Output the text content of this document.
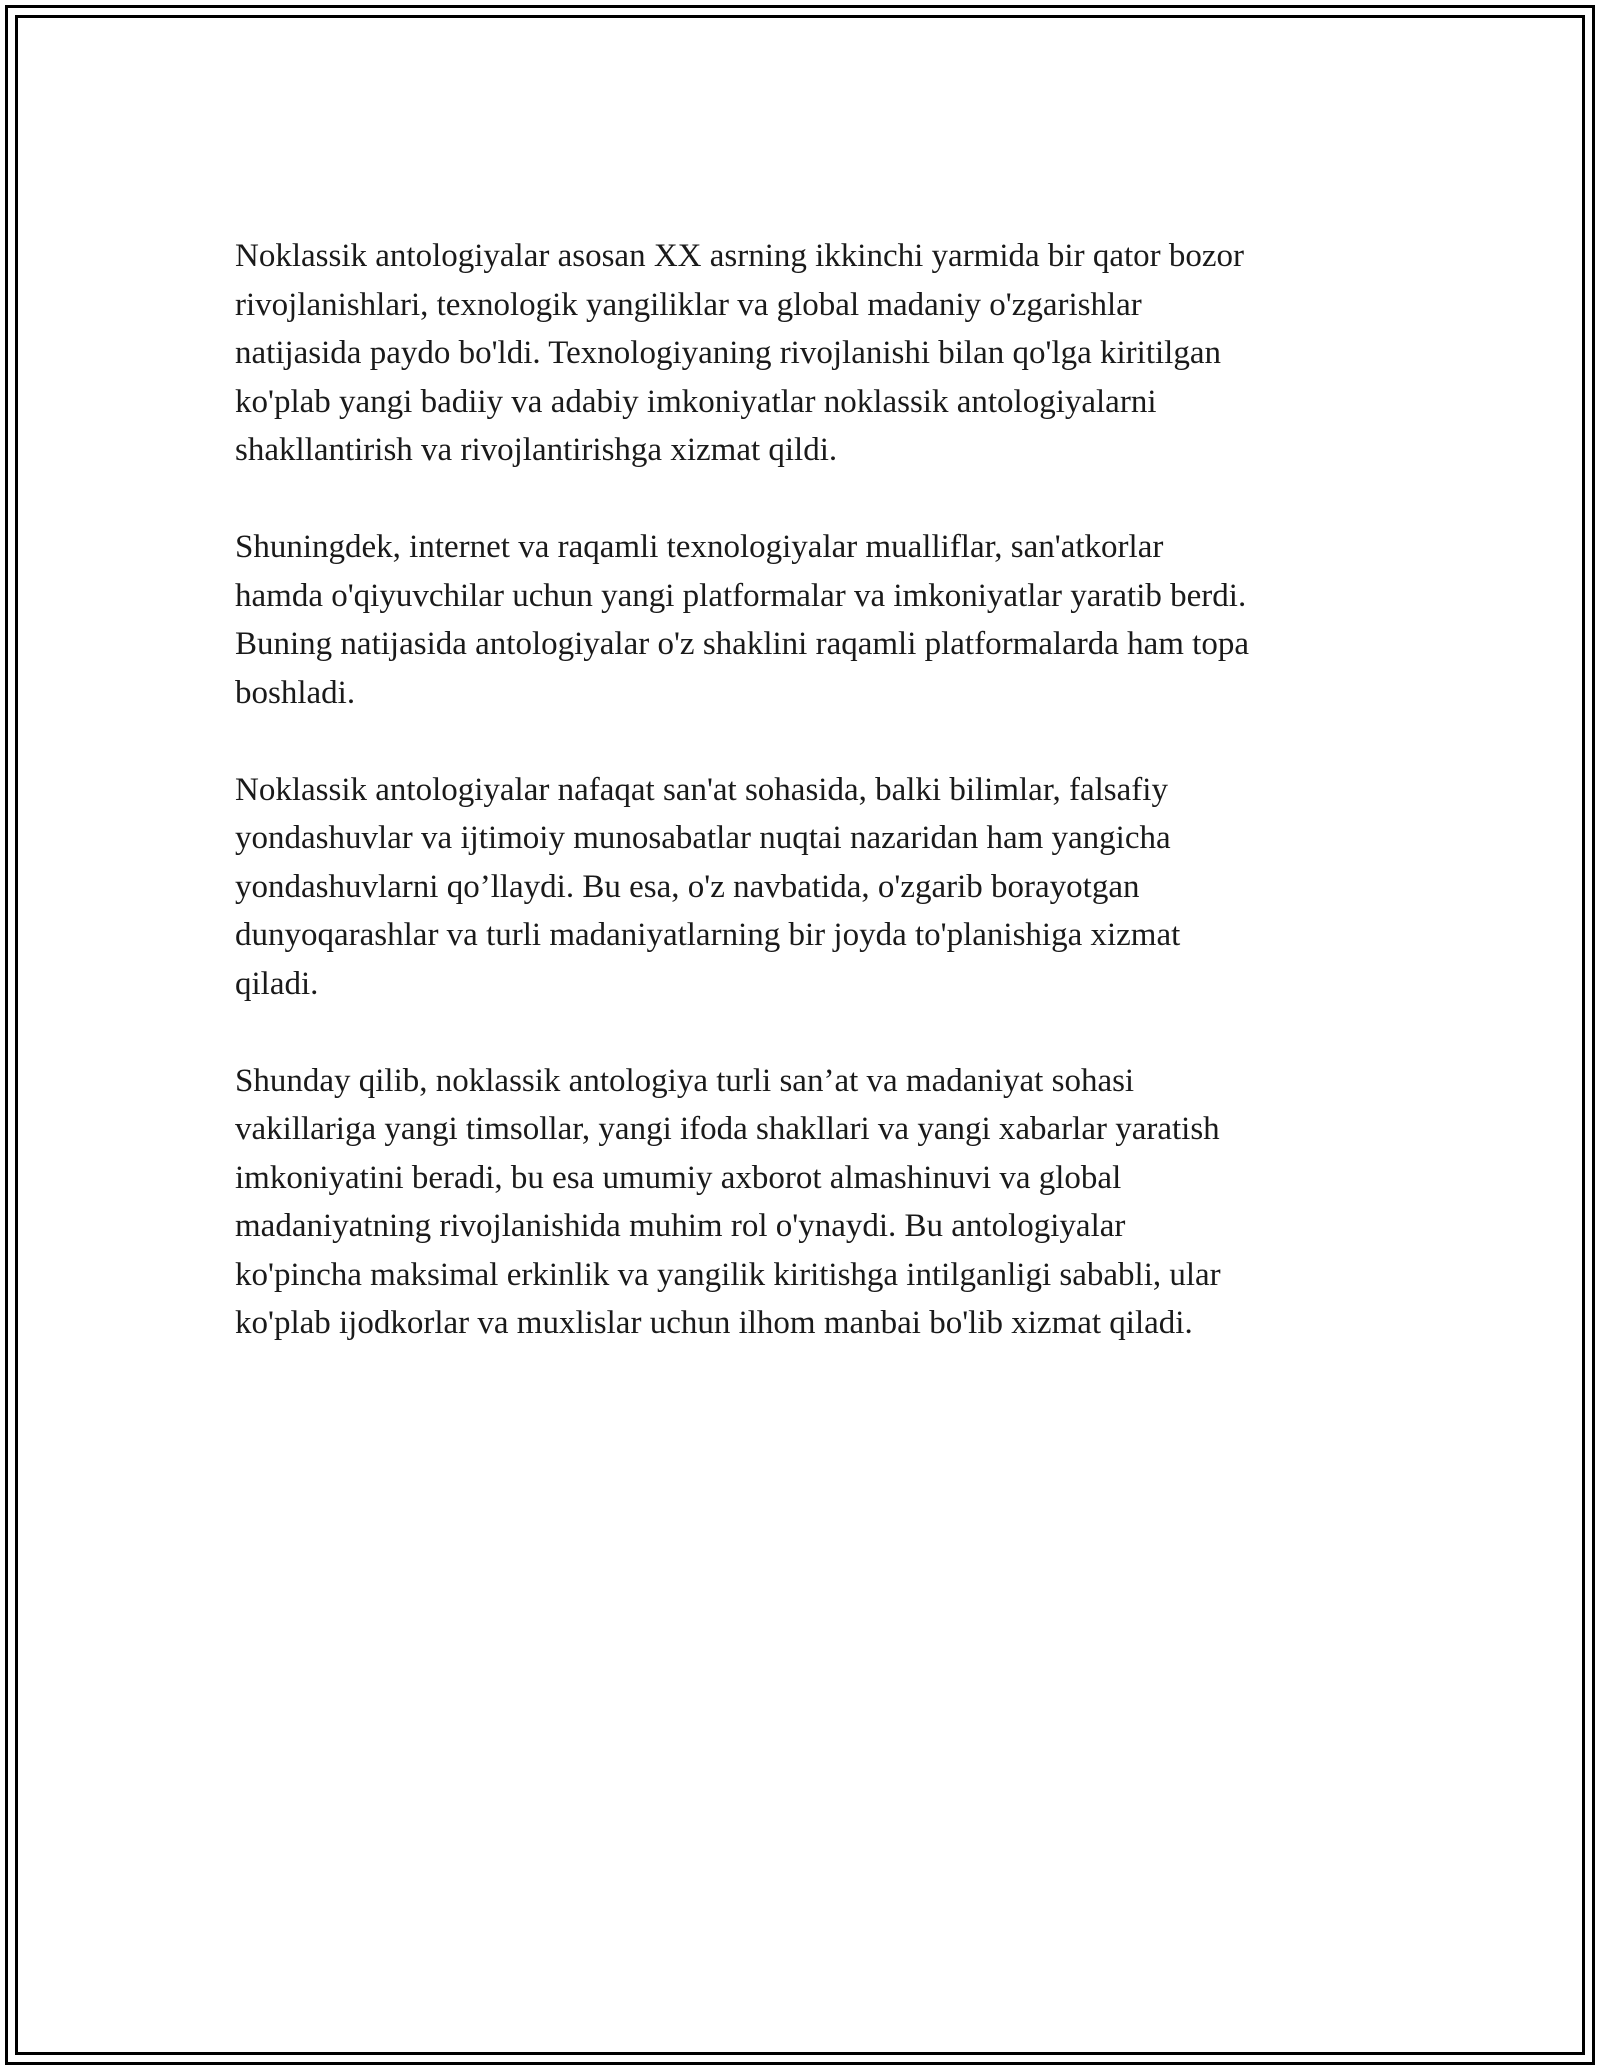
Noklassik antologiyalar asosan XX asrning ikkinchi yarmida bir qator bozor
rivojlanishlari, texnologik yangiliklar va global madaniy o'zgarishlar
natijasida paydo bo'ldi. Texnologiyaning rivojlanishi bilan qo'lga kiritilgan
ko'plab yangi badiiy va adabiy imkoniyatlar noklassik antologiyalarni
shakllantirish va rivojlantirishga xizmat qildi.

Shuningdek, internet va raqamli texnologiyalar mualliflar, san'atkorlar
hamda o'qiyuvchilar uchun yangi platformalar va imkoniyatlar yaratib berdi.
Buning natijasida antologiyalar o'z shaklini raqamli platformalarda ham topa
boshladi.

Noklassik antologiyalar nafaqat san'at sohasida, balki bilimlar, falsafiy
yondashuvlar va ijtimoiy munosabatlar nuqtai nazaridan ham yangicha
yondashuvlarni qo’llaydi. Bu esa, o'z navbatida, o'zgarib borayotgan
dunyoqarashlar va turli madaniyatlarning bir joyda to'planishiga xizmat
qiladi.

Shunday qilib, noklassik antologiya turli san’at va madaniyat sohasi
vakillariga yangi timsollar, yangi ifoda shakllari va yangi xabarlar yaratish
imkoniyatini beradi, bu esa umumiy axborot almashinuvi va global
madaniyatning rivojlanishida muhim rol o'ynaydi. Bu antologiyalar
ko'pincha maksimal erkinlik va yangilik kiritishga intilganligi sababli, ular
ko'plab ijodkorlar va muxlislar uchun ilhom manbai bo'lib xizmat qiladi.
